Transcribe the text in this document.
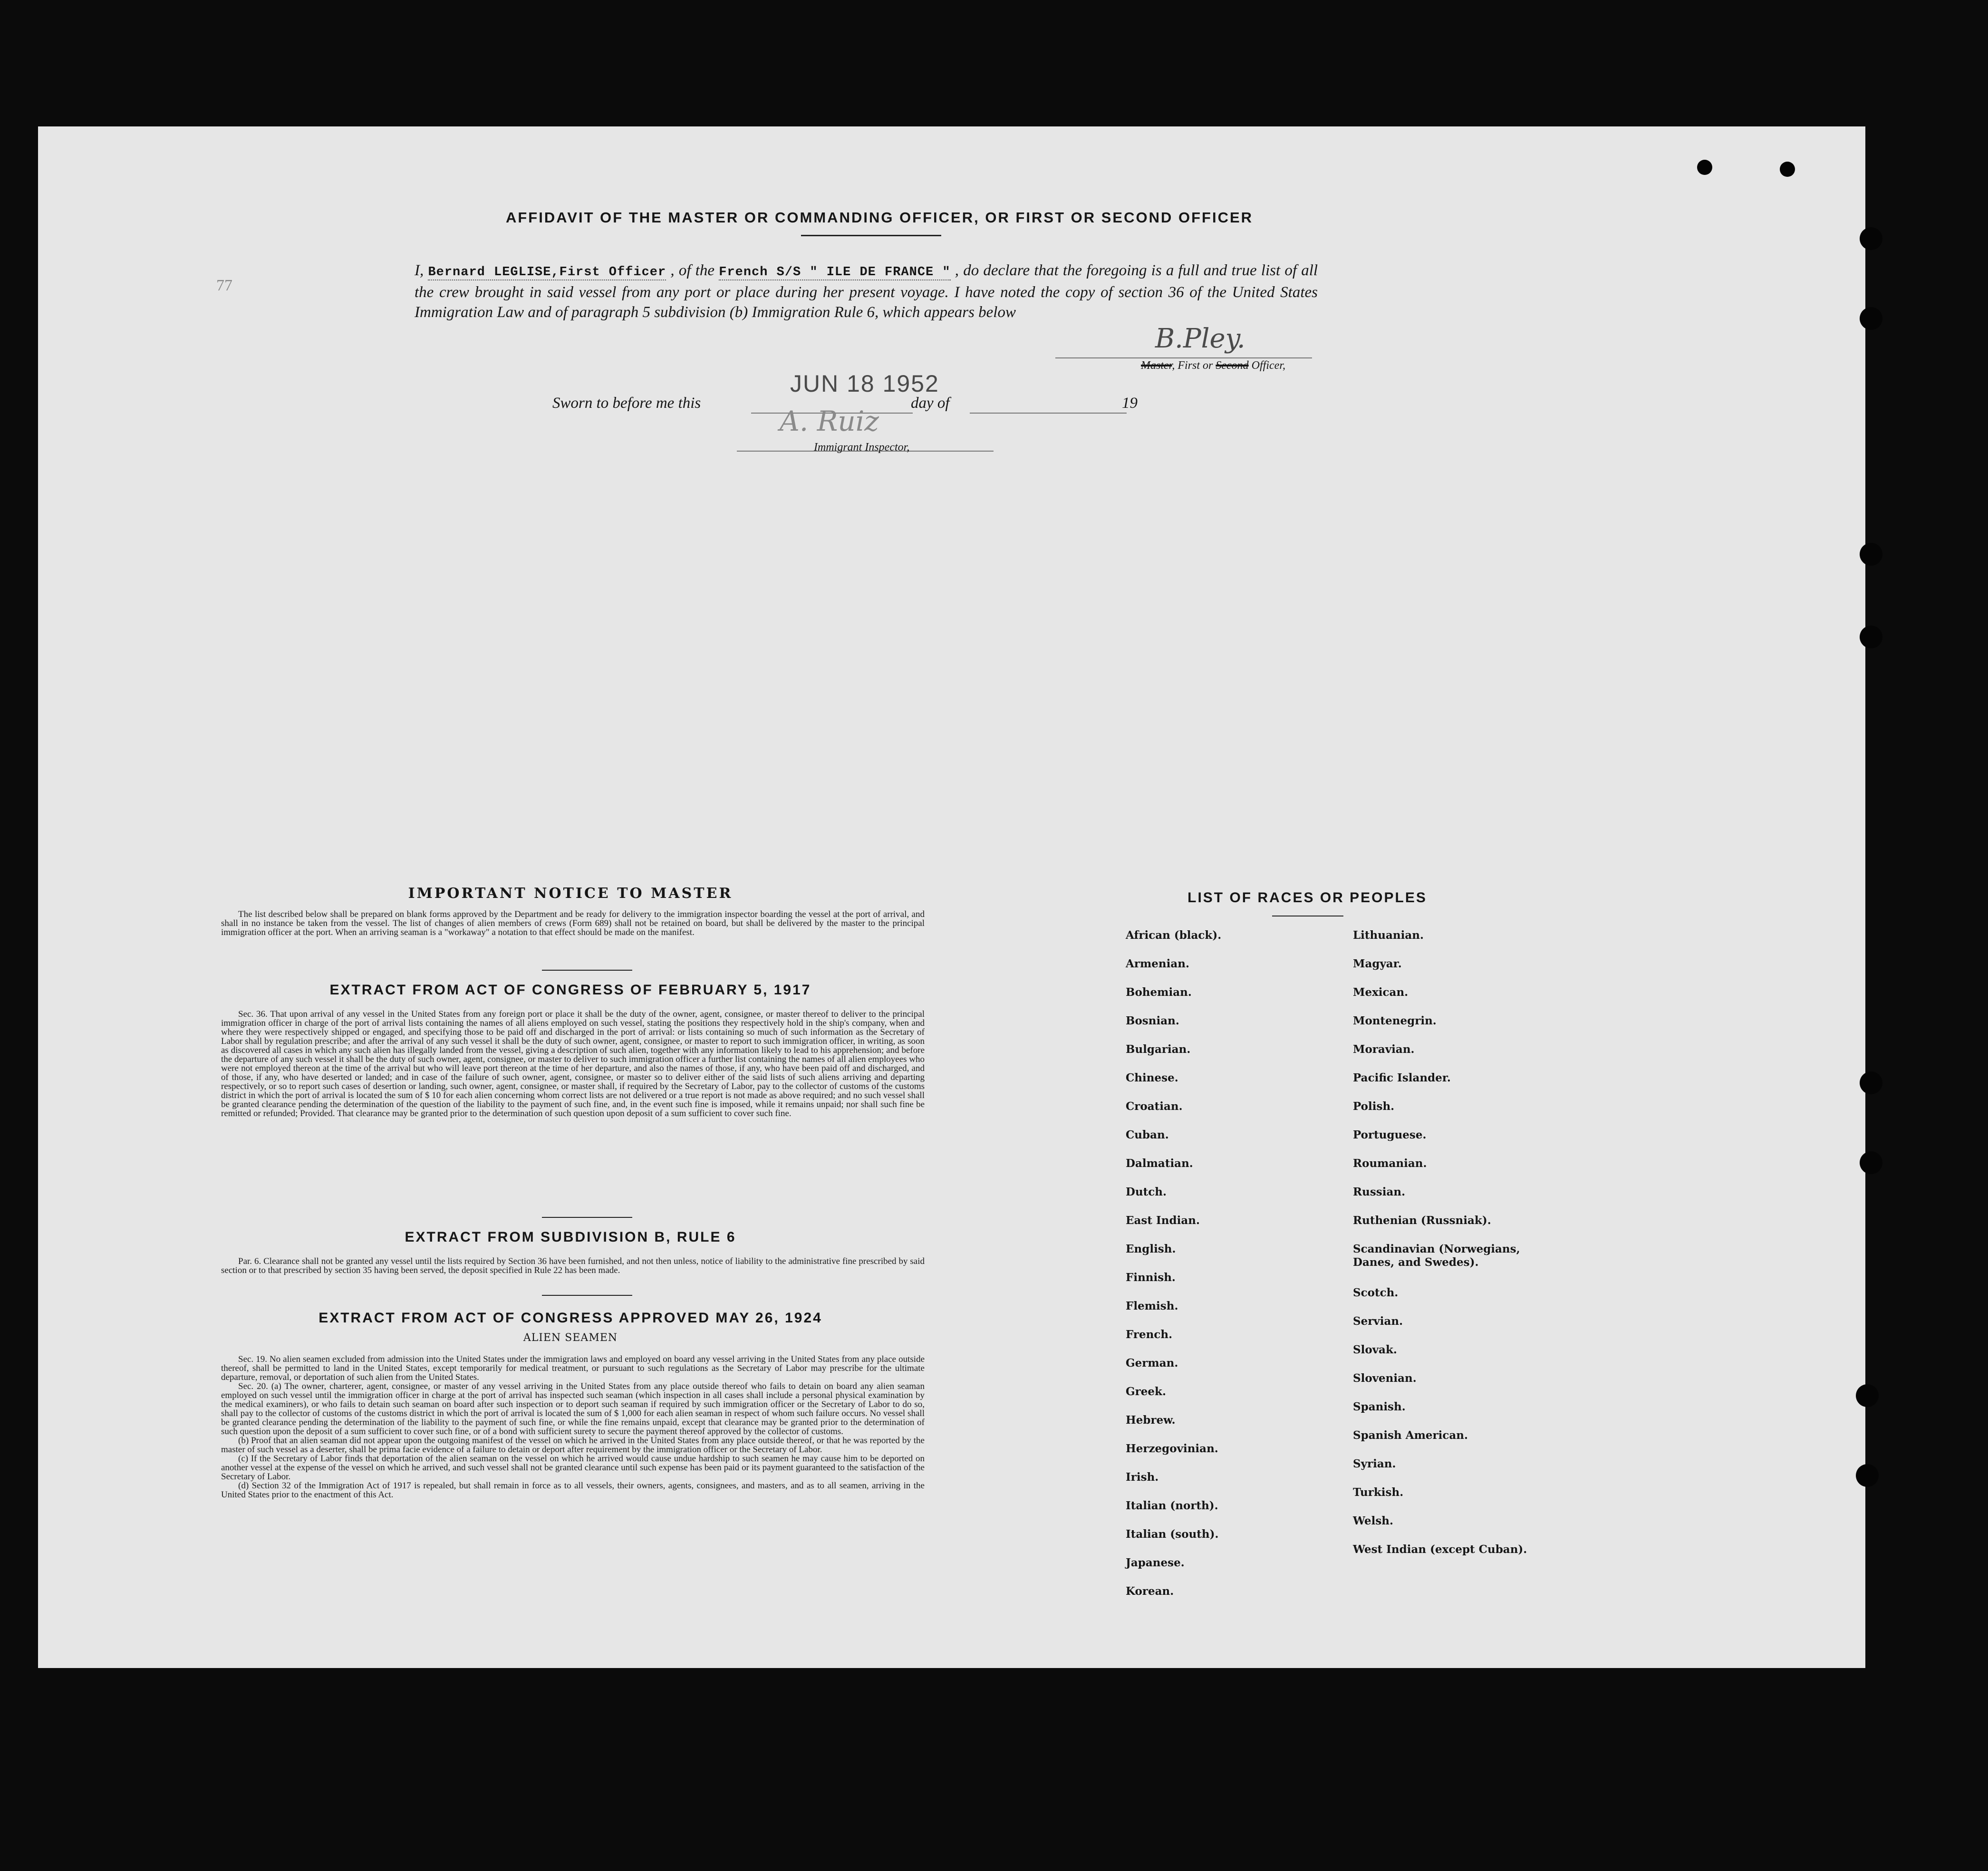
77
AFFIDAVIT OF THE MASTER OR COMMANDING OFFICER, OR FIRST OR SECOND OFFICER
I, Bernard LEGLISE,First Officer , of the French S/S " ILE DE FRANCE " , do declare that the foregoing is a full and true list of all the crew brought in said vessel from any port or place during her present voyage. I have noted the copy of section 36 of the United States Immigration Law and of paragraph 5 subdivision (b) Immigration Rule 6, which appears below
B.Pley.
Master, First or Second Officer,
Sworn to before me this
JUN 18 1952
day of	19
A. Ruiz
Immigrant Inspector,
IMPORTANT NOTICE TO MASTER

The list described below shall be prepared on blank forms approved by the Department and be ready for delivery to the immigration inspector boarding the vessel at the port of arrival, and shall in no instance be taken from the vessel. The list of changes of alien members of crews (Form 689) shall not be retained on board, but shall be delivered by the master to the principal immigration officer at the port. When an arriving seaman is a "workaway" a notation to that effect should be made on the manifest.

EXTRACT FROM ACT OF CONGRESS OF FEBRUARY 5, 1917

Sec. 36. That upon arrival of any vessel in the United States from any foreign port or place it shall be the duty of the owner, agent, consignee, or master thereof to deliver to the principal immigration officer in charge of the port of arrival lists containing the names of all aliens employed on such vessel, stating the positions they respectively hold in the ship's company, when and where they were respectively shipped or engaged, and specifying those to be paid off and discharged in the port of arrival: or lists containing so much of such information as the Secretary of Labor shall by regulation prescribe; and after the arrival of any such vessel it shall be the duty of such owner, agent, consignee, or master to report to such immigration officer, in writing, as soon as discovered all cases in which any such alien has illegally landed from the vessel, giving a description of such alien, together with any information likely to lead to his apprehension; and before the departure of any such vessel it shall be the duty of such owner, agent, consignee, or master to deliver to such immigration officer a further list containing the names of all alien employees who were not employed thereon at the time of the arrival but who will leave port thereon at the time of her departure, and also the names of those, if any, who have been paid off and discharged, and of those, if any, who have deserted or landed; and in case of the failure of such owner, agent, consignee, or master so to deliver either of the said lists of such aliens arriving and departing respectively, or so to report such cases of desertion or landing, such owner, agent, consignee, or master shall, if required by the Secretary of Labor, pay to the collector of customs of the customs district in which the port of arrival is located the sum of $ 10 for each alien concerning whom correct lists are not delivered or a true report is not made as above required; and no such vessel shall be granted clearance pending the determination of the question of the liability to the payment of such fine, and, in the event such fine is imposed, while it remains unpaid; nor shall such fine be remitted or refunded; Provided. That clearance may be granted prior to the determination of such question upon deposit of a sum sufficient to cover such fine.

EXTRACT FROM SUBDIVISION B, RULE 6

Par. 6. Clearance shall not be granted any vessel until the lists required by Section 36 have been furnished, and not then unless, notice of liability to the administrative fine prescribed by said section or to that prescribed by section 35 having been served, the deposit specified in Rule 22 has been made.

EXTRACT FROM ACT OF CONGRESS APPROVED MAY 26, 1924
ALIEN SEAMEN

Sec. 19. No alien seamen excluded from admission into the United States under the immigration laws and employed on board any vessel arriving in the United States from any place outside thereof, shall be permitted to land in the United States, except temporarily for medical treatment, or pursuant to such regulations as the Secretary of Labor may prescribe for the ultimate departure, removal, or deportation of such alien from the United States.

Sec. 20. (a) The owner, charterer, agent, consignee, or master of any vessel arriving in the United States from any place outside thereof who fails to detain on board any alien seaman employed on such vessel until the immigration officer in charge at the port of arrival has inspected such seaman (which inspection in all cases shall include a personal physical examination by the medical examiners), or who fails to detain such seaman on board after such inspection or to deport such seaman if required by such immigration officer or the Secretary of Labor to do so, shall pay to the collector of customs of the customs district in which the port of arrival is located the sum of $ 1,000 for each alien seaman in respect of whom such failure occurs. No vessel shall be granted clearance pending the determination of the liability to the payment of such fine, or while the fine remains unpaid, except that clearance may be granted prior to the determination of such question upon the deposit of a sum sufficient to cover such fine, or of a bond with sufficient surety to secure the payment thereof approved by the collector of customs.

(b) Proof that an alien seaman did not appear upon the outgoing manifest of the vessel on which he arrived in the United States from any place outside thereof, or that he was reported by the master of such vessel as a deserter, shall be prima facie evidence of a failure to detain or deport after requirement by the immigration officer or the Secretary of Labor.

(c) If the Secretary of Labor finds that deportation of the alien seaman on the vessel on which he arrived would cause undue hardship to such seamen he may cause him to be deported on another vessel at the expense of the vessel on which he arrived, and such vessel shall not be granted clearance until such expense has been paid or its payment guaranteed to the satisfaction of the Secretary of Labor.

(d) Section 32 of the Immigration Act of 1917 is repealed, but shall remain in force as to all vessels, their owners, agents, consignees, and masters, and as to all seamen, arriving in the United States prior to the enactment of this Act.

LIST OF RACES OR PEOPLES
African (black).
Armenian.
Bohemian.
Bosnian.
Bulgarian.
Chinese.
Croatian.
Cuban.
Dalmatian.
Dutch.
East Indian.
English.
Finnish.
Flemish.
French.
German.
Greek.
Hebrew.
Herzegovinian.
Irish.
Italian (north).
Italian (south).
Japanese.
Korean.
Lithuanian.
Magyar.
Mexican.
Montenegrin.
Moravian.
Pacific Islander.
Polish.
Portuguese.
Roumanian.
Russian.
Ruthenian (Russniak).
Scandinavian (Norwegians, Danes, and Swedes).
Scotch.
Servian.
Slovak.
Slovenian.
Spanish.
Spanish American.
Syrian.
Turkish.
Welsh.
West Indian (except Cuban).
